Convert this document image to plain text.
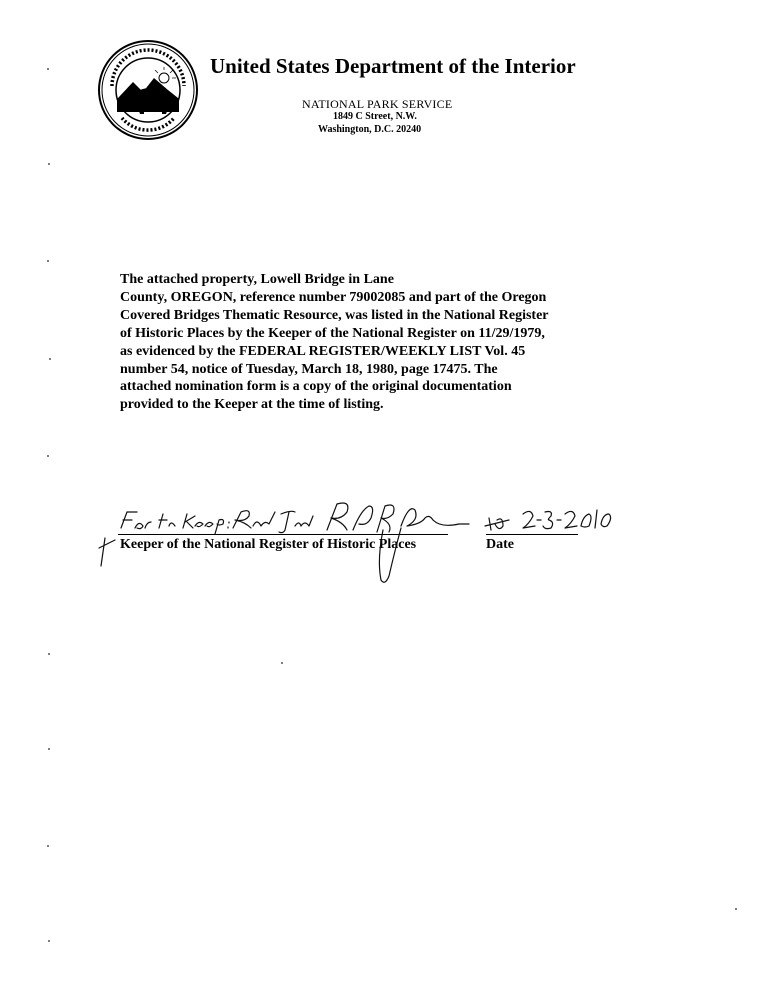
United States Department of the Interior
NATIONAL PARK SERVICE
1849 C Street, N.W.
Washington, D.C. 20240
The attached property, Lowell Bridge in Lane
County, OREGON, reference number 79002085 and part of the Oregon
Covered Bridges Thematic Resource, was listed in the National Register
of Historic Places by the Keeper of the National Register on 11/29/1979,
as evidenced by the FEDERAL REGISTER/WEEKLY LIST Vol. 45
number 54, notice of Tuesday, March 18, 1980, page 17475. The
attached nomination form is a copy of the original documentation
provided to the Keeper at the time of listing.
Keeper of the National Register of Historic Places	Date
